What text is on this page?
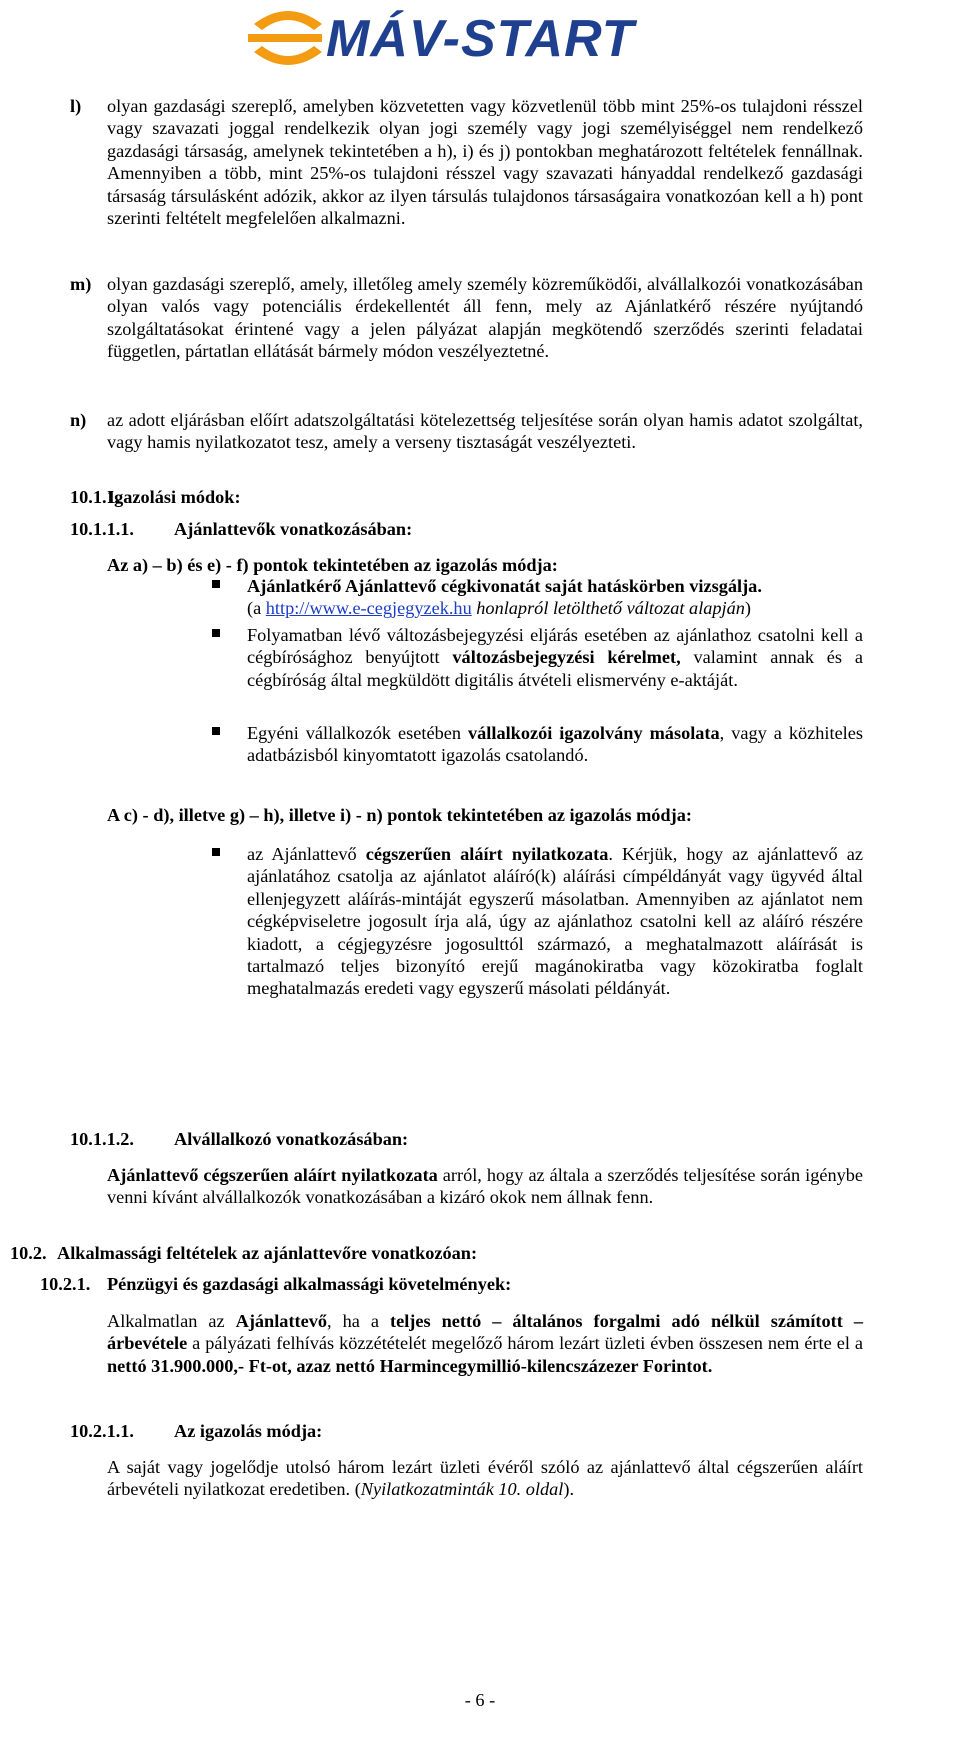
MÁV-START
l) olyan gazdasági szereplő, amelyben közvetetten vagy közvetlenül több mint 25%-os tulajdoni résszel vagy szavazati joggal rendelkezik olyan jogi személy vagy jogi személyiséggel nem rendelkező gazdasági társaság, amelynek tekintetében a h), i) és j) pontokban meghatározott feltételek fennállnak. Amennyiben a több, mint 25%-os tulajdoni résszel vagy szavazati hányaddal rendelkező gazdasági társaság társulásként adózik, akkor az ilyen társulás tulajdonos társaságaira vonatkozóan kell a h) pont szerinti feltételt megfelelően alkalmazni.
m) olyan gazdasági szereplő, amely, illetőleg amely személy közreműködői, alvállalkozói vonatkozásában olyan valós vagy potenciális érdekellentét áll fenn, mely az Ajánlatkérő részére nyújtandó szolgáltatásokat érintené vagy a jelen pályázat alapján megkötendő szerződés szerinti feladatai független, pártatlan ellátását bármely módon veszélyeztetné.
n) az adott eljárásban előírt adatszolgáltatási kötelezettség teljesítése során olyan hamis adatot szolgáltat, vagy hamis nyilatkozatot tesz, amely a verseny tisztaságát veszélyezteti.
10.1.1.
Igazolási módok:
10.1.1.1. Ajánlattevők vonatkozásában:
Az a) – b) és e) - f) pontok tekintetében az igazolás módja:
Ajánlatkérő Ajánlattevő cégkivonatát saját hatáskörben vizsgálja.
(a http://www.e-cegjegyzek.hu honlapról letölthető változat alapján)
Folyamatban lévő változásbejegyzési eljárás esetében az ajánlathoz csatolni kell a cégbírósághoz benyújtott változásbejegyzési kérelmet, valamint annak és a cégbíróság által megküldött digitális átvételi elismervény e-aktáját.
Egyéni vállalkozók esetében vállalkozói igazolvány másolata, vagy a közhiteles adatbázisból kinyomtatott igazolás csatolandó.
A c) - d), illetve g) – h), illetve i) - n) pontok tekintetében az igazolás módja:
az Ajánlattevő cégszerűen aláírt nyilatkozata. Kérjük, hogy az ajánlattevő az ajánlatához csatolja az ajánlatot aláíró(k) aláírási címpéldányát vagy ügyvéd által ellenjegyzett aláírás-mintáját egyszerű másolatban. Amennyiben az ajánlatot nem cégképviseletre jogosult írja alá, úgy az ajánlathoz csatolni kell az aláíró részére kiadott, a cégjegyzésre jogosulttól származó, a meghatalmazott aláírását is tartalmazó teljes bizonyító erejű magánokiratba vagy közokiratba foglalt meghatalmazás eredeti vagy egyszerű másolati példányát.
10.1.1.2. Alvállalkozó vonatkozásában:
Ajánlattevő cégszerűen aláírt nyilatkozata arról, hogy az általa a szerződés teljesítése során igénybe venni kívánt alvállalkozók vonatkozásában a kizáró okok nem állnak fenn.
10.2. Alkalmassági feltételek az ajánlattevőre vonatkozóan:
10.2.1. Pénzügyi és gazdasági alkalmassági követelmények:
Alkalmatlan az Ajánlattevő, ha a teljes nettó – általános forgalmi adó nélkül számított – árbevétele a pályázati felhívás közzétételét megelőző három lezárt üzleti évben összesen nem érte el a nettó 31.900.000,- Ft-ot, azaz nettó Harmincegymillió-kilencszázezer Forintot.
10.2.1.1. Az igazolás módja:
A saját vagy jogelődje utolsó három lezárt üzleti évéről szóló az ajánlattevő által cégszerűen aláírt árbevételi nyilatkozat eredetiben. (Nyilatkozatminták 10. oldal).
- 6 -
